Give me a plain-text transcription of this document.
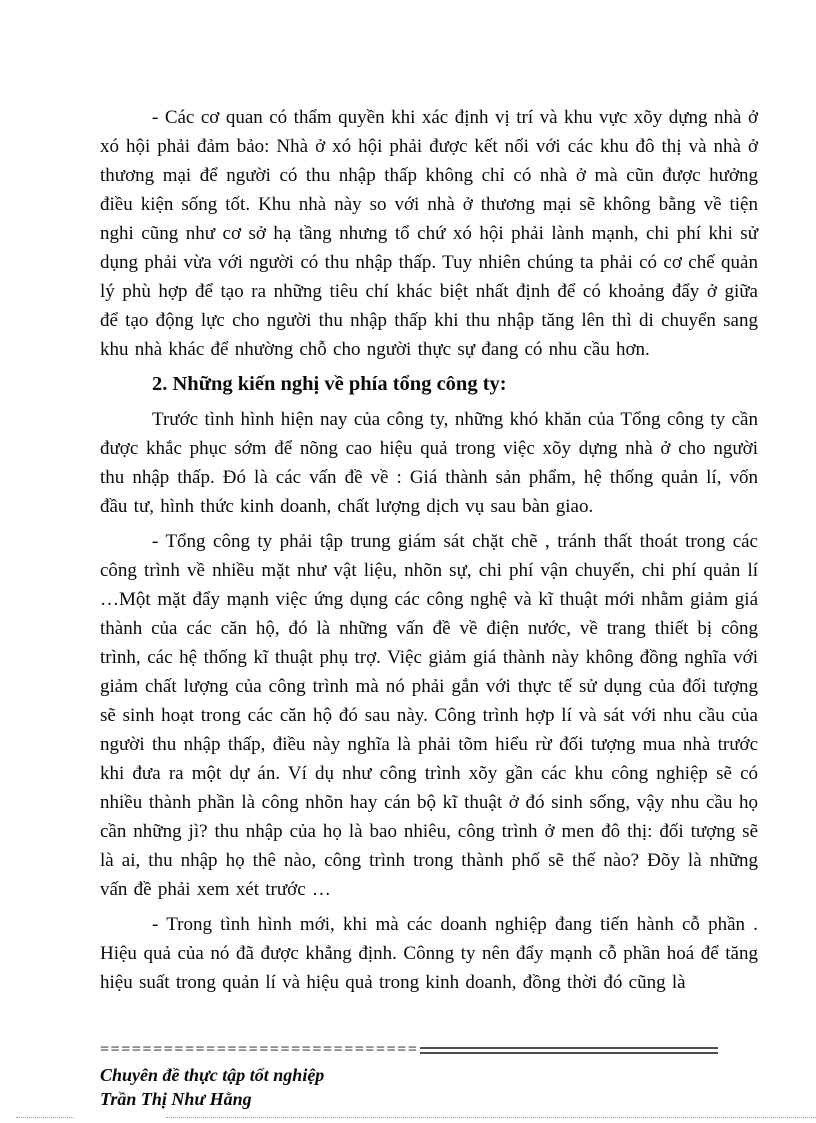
- Các cơ quan có thẩm quyền khi xác định vị trí và khu vực xõy dựng nhà ở xó hội phải đảm bảo: Nhà ở xó hội phải được kết nối với các khu đô thị và nhà ở thương mại để người có thu nhập thấp không chỉ có nhà ở mà cũn được hưởng điều kiện sống tốt. Khu nhà này so với nhà ở thương mại sẽ không bằng về tiện nghi cũng như cơ sở hạ tầng nhưng tổ chứ xó hội phải lành mạnh, chi phí khi sử dụng phải vừa với người có thu nhập thấp. Tuy nhiên chúng ta phải có cơ chế quản lý phù hợp để tạo ra những tiêu chí khác biệt nhất định để có khoảng đẩy ở giữa để tạo động lực cho người thu nhập thấp khi thu nhập tăng lên thì di chuyển sang khu nhà khác để nhường chỗ cho người thực sự đang có nhu cầu hơn.

2. Những kiến nghị về phía tổng công ty:

Trước tình hình hiện nay của công ty, những khó khăn của Tổng công ty cần được khắc phục sớm để nõng cao hiệu quả trong việc xõy dựng nhà ở cho người thu nhập thấp. Đó là các vấn đề về : Giá thành sản phẩm, hệ thống quản lí, vốn đầu tư, hình thức kinh doanh, chất lượng dịch vụ sau bàn giao.

- Tổng công ty phải tập trung giám sát chặt chẽ , tránh thất thoát trong các công trình về nhiều mặt như vật liệu, nhõn sự, chi phí vận chuyển, chi phí quản lí …Một mặt đẩy mạnh việc ứng dụng các công nghệ và kĩ thuật mới nhằm giảm giá thành của các căn hộ, đó là những vấn đề về điện nước, về trang thiết bị công trình, các hệ thống kĩ thuật phụ trợ. Việc giảm giá thành này không đồng nghĩa với giảm chất lượng của công trình mà nó phải gắn với thực tế sử dụng của đối tượng sẽ sinh hoạt trong các căn hộ đó sau này. Công trình hợp lí và sát với nhu cầu của người thu nhập thấp, điều này nghĩa là phải tõm hiểu rừ đối tượng mua nhà trước khi đưa ra một dự án. Ví dụ như công trình xõy gần các khu công nghiệp sẽ có nhiều thành phần là công nhõn hay cán bộ kĩ thuật ở đó sinh sống, vậy nhu cầu họ cần những jì? thu nhập của họ là bao nhiêu, công trình ở men đô thị: đối tượng sẽ là ai, thu nhập họ thê nào, công trình trong thành phố sẽ thế nào? Đõy là những vấn đề phải xem xét trước …

- Trong tình hình mới, khi mà các doanh nghiệp đang tiến hành cỗ phần . Hiệu quả của nó đã được khẳng định. Cônng ty nên đẩy mạnh cỗ phần hoá để tăng hiệu suất trong quản lí và hiệu quả trong kinh doanh, đồng thời đó cũng là

==============================
Chuyên đề thực tập tốt nghiệp
Trần Thị Như Hằng
